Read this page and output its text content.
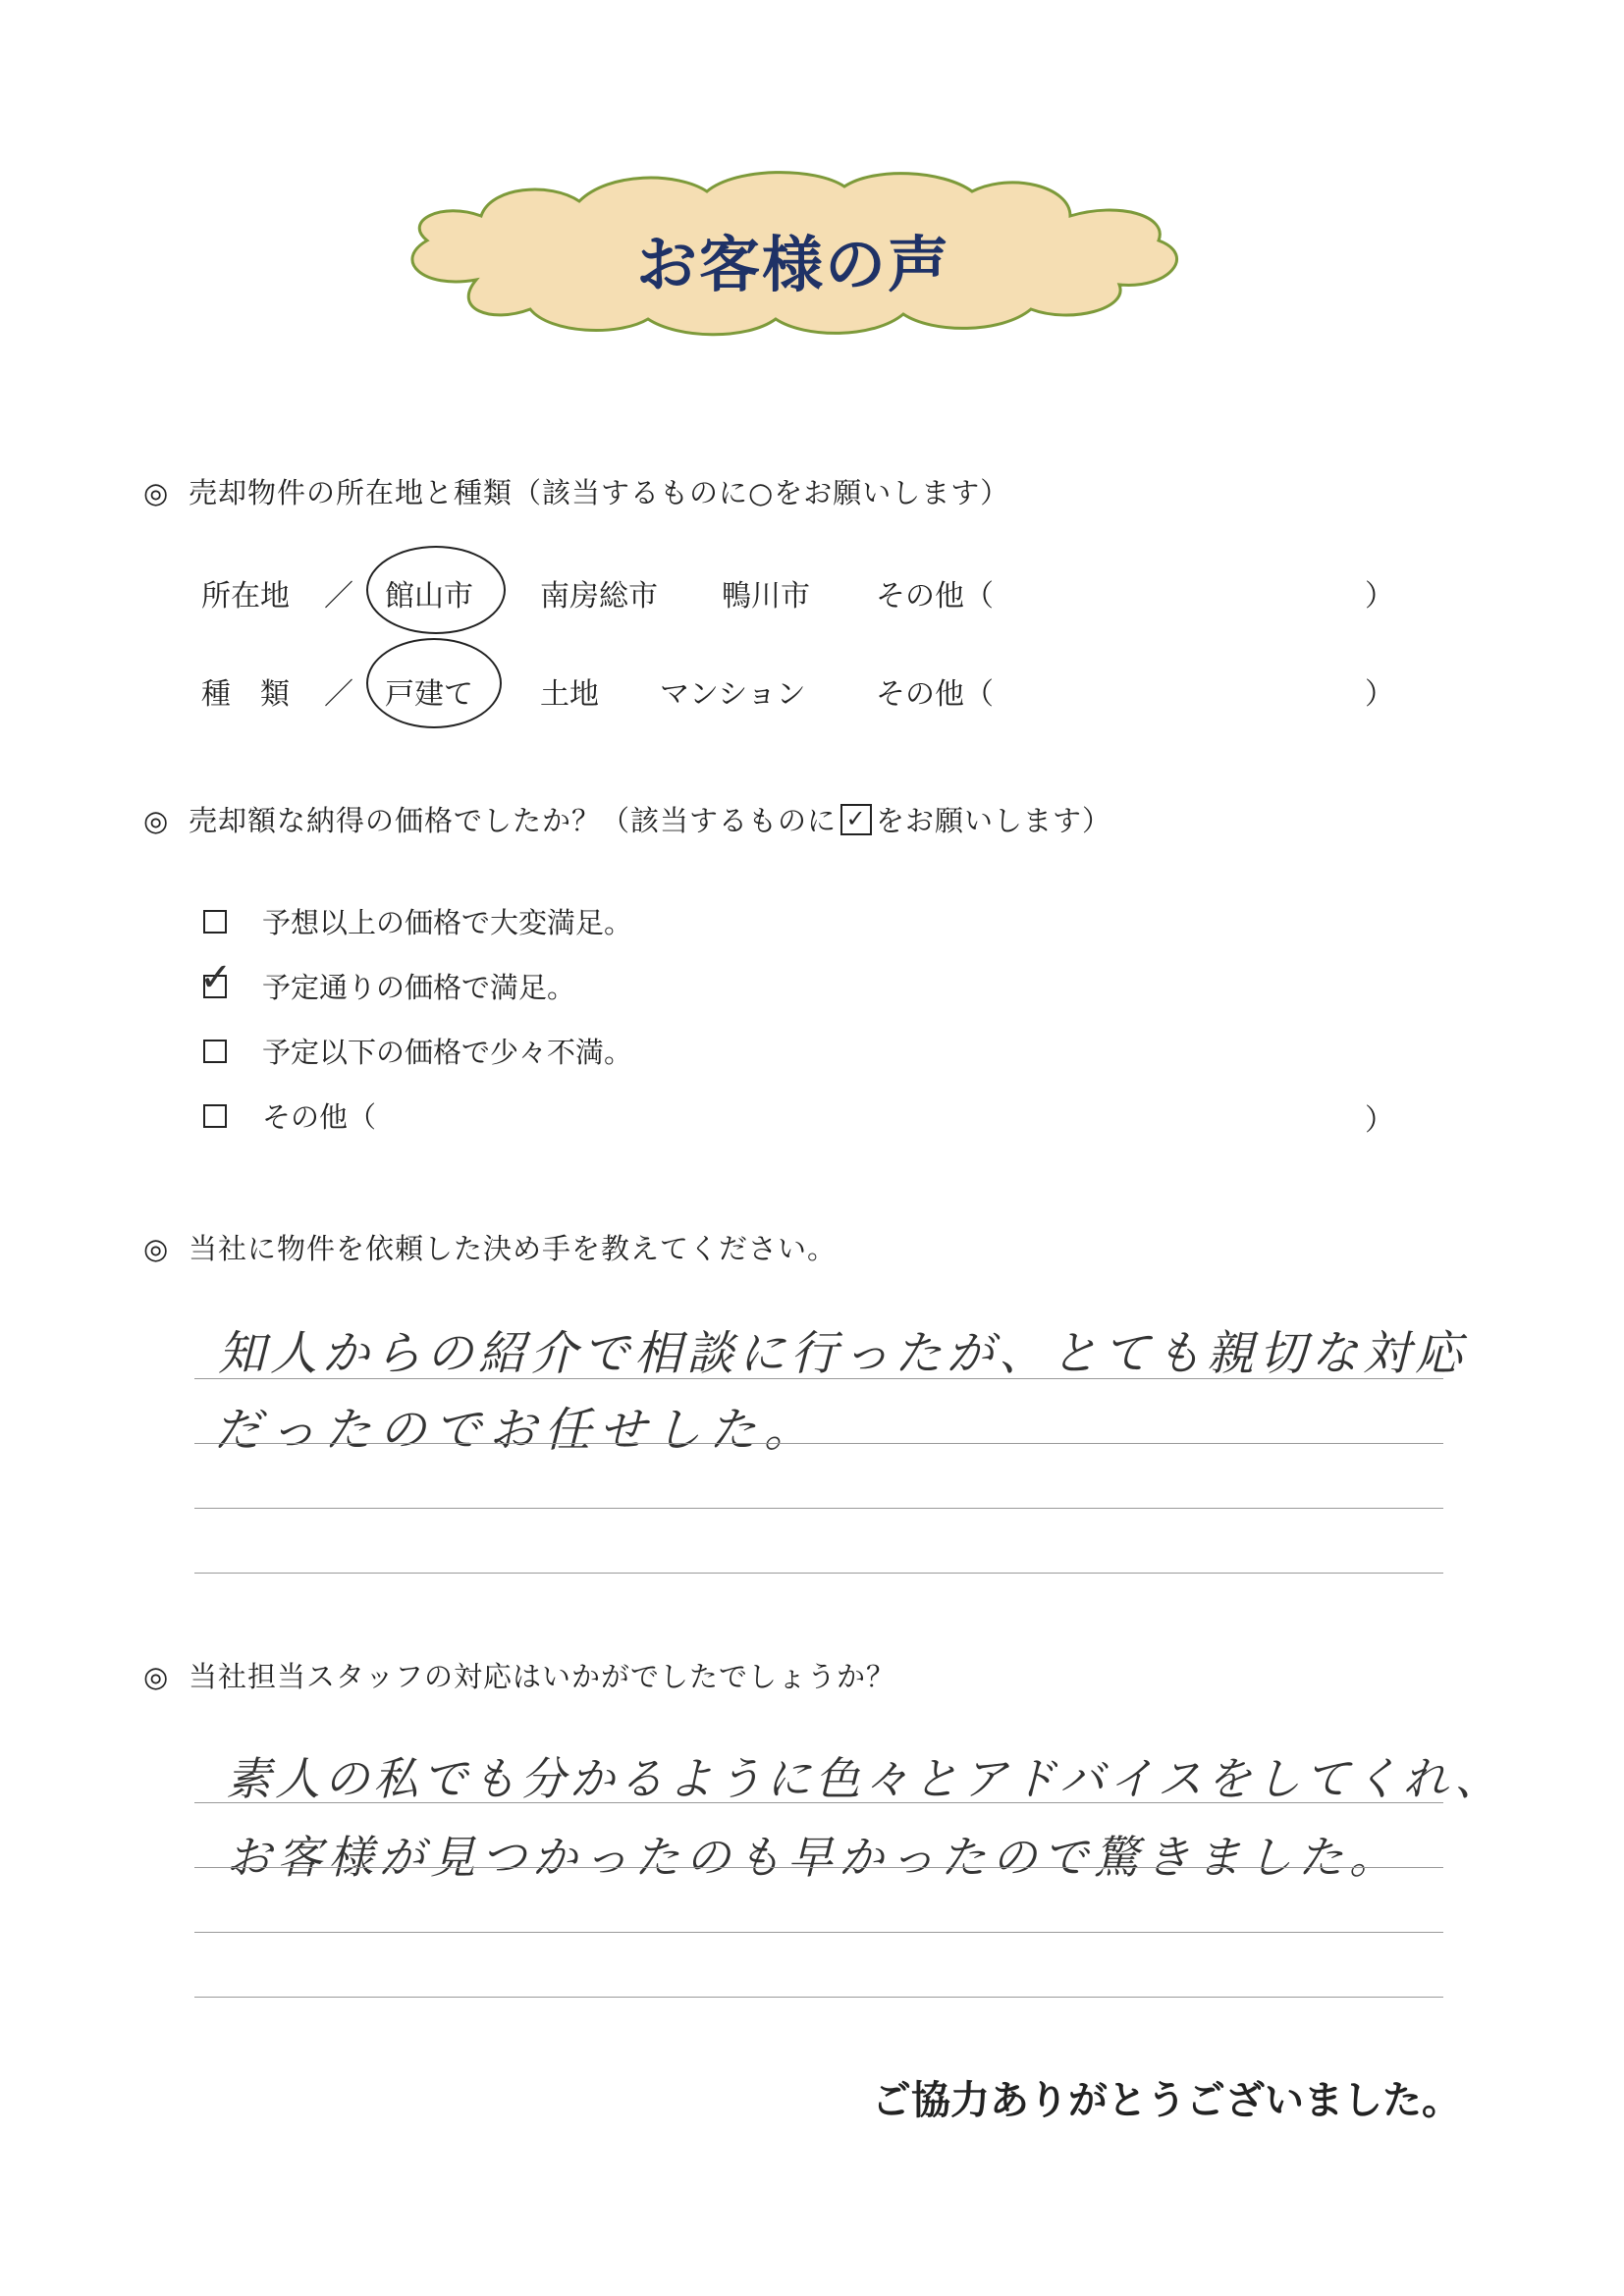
お客様の声
◎ 売却物件の所在地と種類（該当するものに○をお願いします）
所在地 ／ 館山市 南房総市 鴨川市 その他（	）
種　類 ／ 戸建て 土地 マンション その他（	）
◎ 売却額な納得の価格でしたか？（該当するものに ✓ をお願いします）
予想以上の価格で大変満足。
✓ 予定通りの価格で満足。
予定以下の価格で少々不満。
その他（	）
◎ 当社に物件を依頼した決め手を教えてください。
知人からの紹介で相談に行ったが、とても親切な対応
だったのでお任せした。
◎ 当社担当スタッフの対応はいかがでしたでしょうか？
素人の私でも分かるように色々とアドバイスをしてくれ、
お客様が見つかったのも早かったので驚きました。
ご協力ありがとうございました。
